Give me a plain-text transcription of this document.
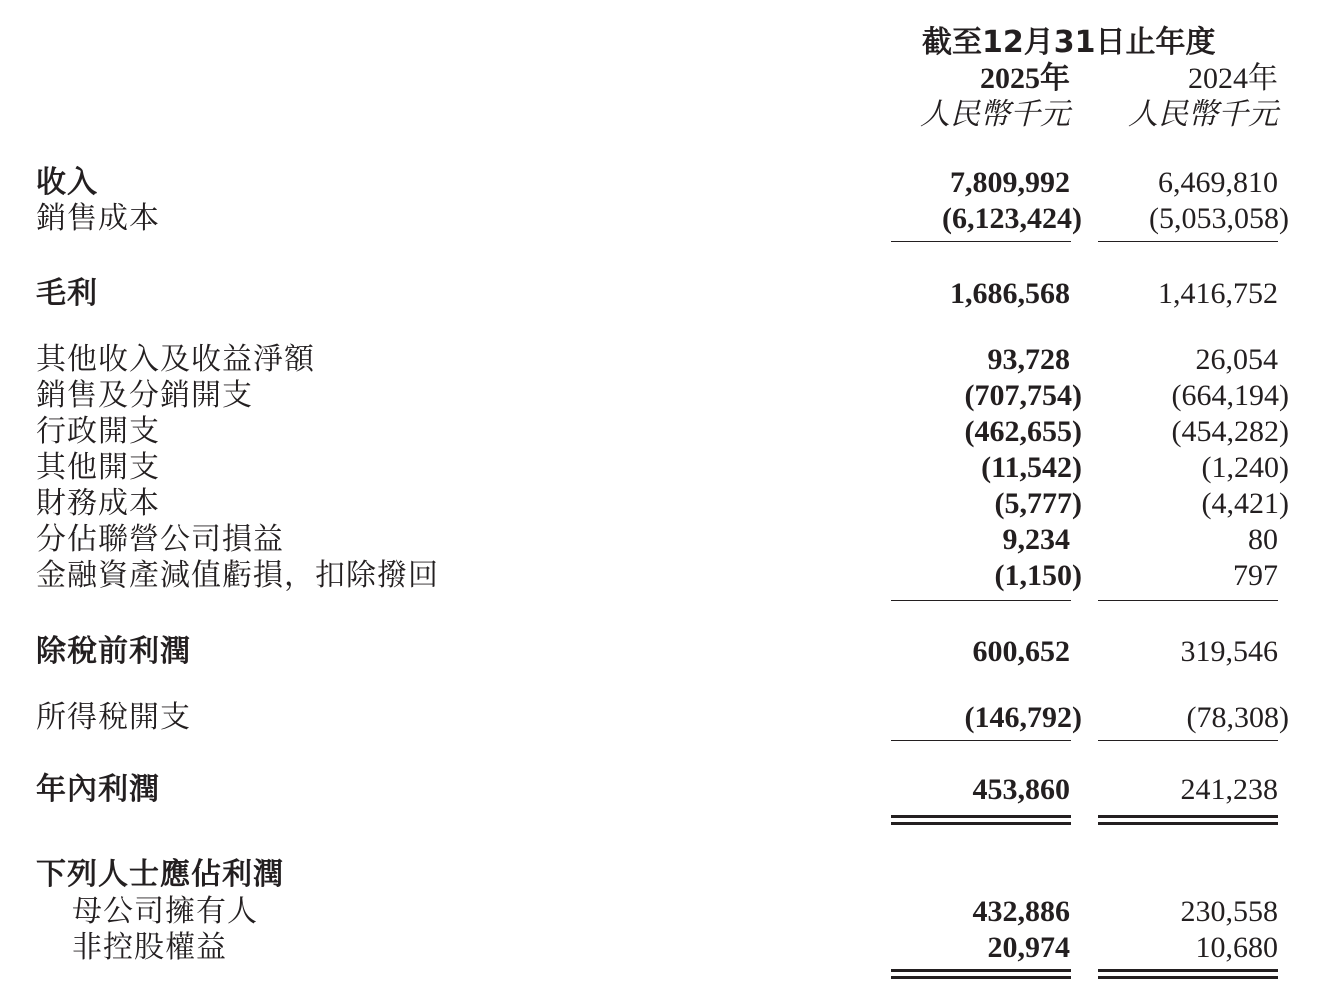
截至12月31日止年度
2025年	2024年
人民幣千元 人民幣千元
收入	7,809,992	6,469,810
銷售成本	(6,123,424) (5,053,058)
毛利	1,686,568	1,416,752
其他收入及收益淨額	93,728	26,054
銷售及分銷開支	(707,754)	(664,194)
行政開支	(462,655)	(454,282)
其他開支	(11,542)	(1,240)
財務成本	(5,777)	(4,421)
分佔聯營公司損益	9,234	80
金融資產減值虧損，扣除撥回	(1,150)	797
除稅前利潤	600,652	319,546
所得稅開支	(146,792)	(78,308)
年內利潤	453,860	241,238
下列人士應佔利潤
母公司擁有人	432,886	230,558
非控股權益	20,974	10,680
